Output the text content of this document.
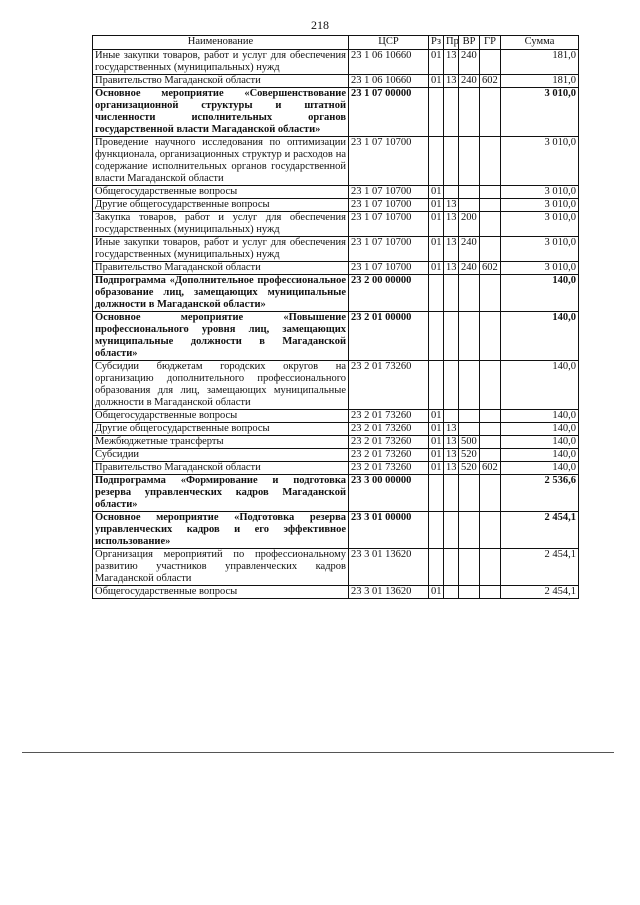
218
Наименование	ЦСР	Рз	Пр	ВР	ГР	Сумма
Иные закупки товаров, работ и услуг для обеспечения государственных (муниципальных) нужд	23 1 06 10660	01	13	240		181,0
Правительство Магаданской области	23 1 06 10660	01	13	240	602	181,0
Основное мероприятие «Совершенствование организационной структуры и штатной численности исполнительных органов государственной власти Магаданской области»	23 1 07 00000					3 010,0
Проведение научного исследования по оптимизации функционала, организационных структур и расходов на содержание исполнительных органов государственной власти Магаданской области	23 1 07 10700					3 010,0
Общегосударственные вопросы	23 1 07 10700	01				3 010,0
Другие общегосударственные вопросы	23 1 07 10700	01	13			3 010,0
Закупка товаров, работ и услуг для обеспечения государственных (муниципальных) нужд	23 1 07 10700	01	13	200		3 010,0
Иные закупки товаров, работ и услуг для обеспечения государственных (муниципальных) нужд	23 1 07 10700	01	13	240		3 010,0
Правительство Магаданской области	23 1 07 10700	01	13	240	602	3 010,0
Подпрограмма «Дополнительное профессиональное образование лиц, замещающих муниципальные должности в Магаданской области»	23 2 00 00000					140,0
Основное мероприятие «Повышение профессионального уровня лиц, замещающих муниципальные должности в Магаданской области»	23 2 01 00000					140,0
Субсидии бюджетам городских округов на организацию дополнительного профессионального образования для лиц, замещающих муниципальные должности в Магаданской области	23 2 01 73260					140,0
Общегосударственные вопросы	23 2 01 73260	01				140,0
Другие общегосударственные вопросы	23 2 01 73260	01	13			140,0
Межбюджетные трансферты	23 2 01 73260	01	13	500		140,0
Субсидии	23 2 01 73260	01	13	520		140,0
Правительство Магаданской области	23 2 01 73260	01	13	520	602	140,0
Подпрограмма «Формирование и подготовка резерва управленческих кадров Магаданской области»	23 3 00 00000					2 536,6
Основное мероприятие «Подготовка резерва управленческих кадров и его эффективное использование»	23 3 01 00000					2 454,1
Организация мероприятий по профессиональному развитию участников управленческих кадров Магаданской области	23 3 01 13620					2 454,1
Общегосударственные вопросы	23 3 01 13620	01				2 454,1
